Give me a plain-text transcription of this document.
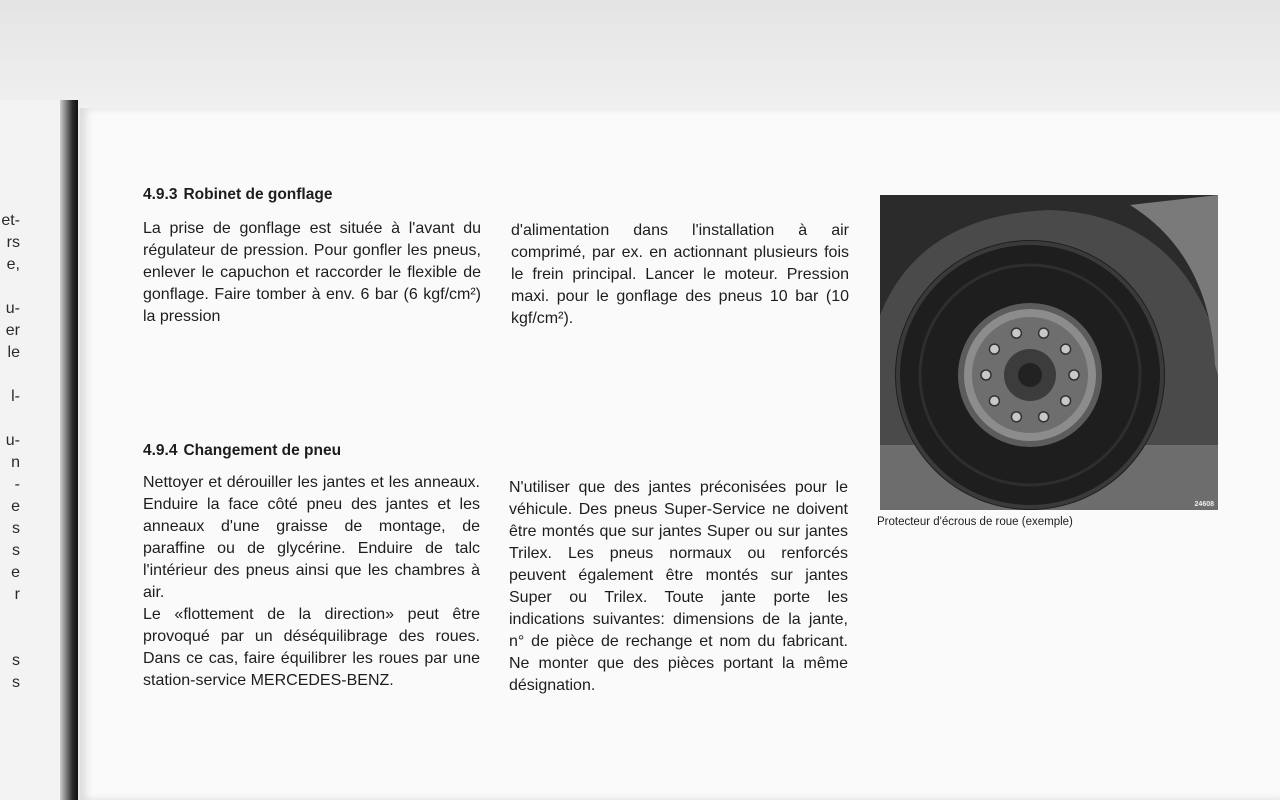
et-
rs
e,
u-
er
le
l-
u-
n
-
e
s
s
e
r
s
s
4.9.3 Robinet de gonflage

La prise de gonflage est située à l'avant du régulateur de pression. Pour gonfler les pneus, enlever le capuchon et raccorder le flexible de gonflage. Faire tomber à env. 6 bar (6 kgf/cm²) la pression

d'alimentation dans l'installation à air comprimé, par ex. en actionnant plusieurs fois le frein principal. Lancer le moteur. Pression maxi. pour le gonflage des pneus 10 bar (10 kgf/cm²).

4.9.4 Changement de pneu

Nettoyer et dérouiller les jantes et les anneaux. Enduire la face côté pneu des jantes et les anneaux d'une graisse de montage, de paraffine ou de glycérine. Enduire de talc l'intérieur des pneus ainsi que les chambres à air.

Le «flottement de la direction» peut être provoqué par un déséquilibrage des roues. Dans ce cas, faire équilibrer les roues par une station-service MERCEDES-BENZ.

N'utiliser que des jantes préconisées pour le véhicule. Des pneus Super-Service ne doivent être montés que sur jantes Super ou sur jantes Trilex. Les pneus normaux ou renforcés peuvent également être montés sur jantes Super ou Trilex. Toute jante porte les indications suivantes: dimensions de la jante, n° de pièce de rechange et nom du fabricant. Ne monter que des pièces portant la même désignation.

24608
Protecteur d'écrous de roue (exemple)
